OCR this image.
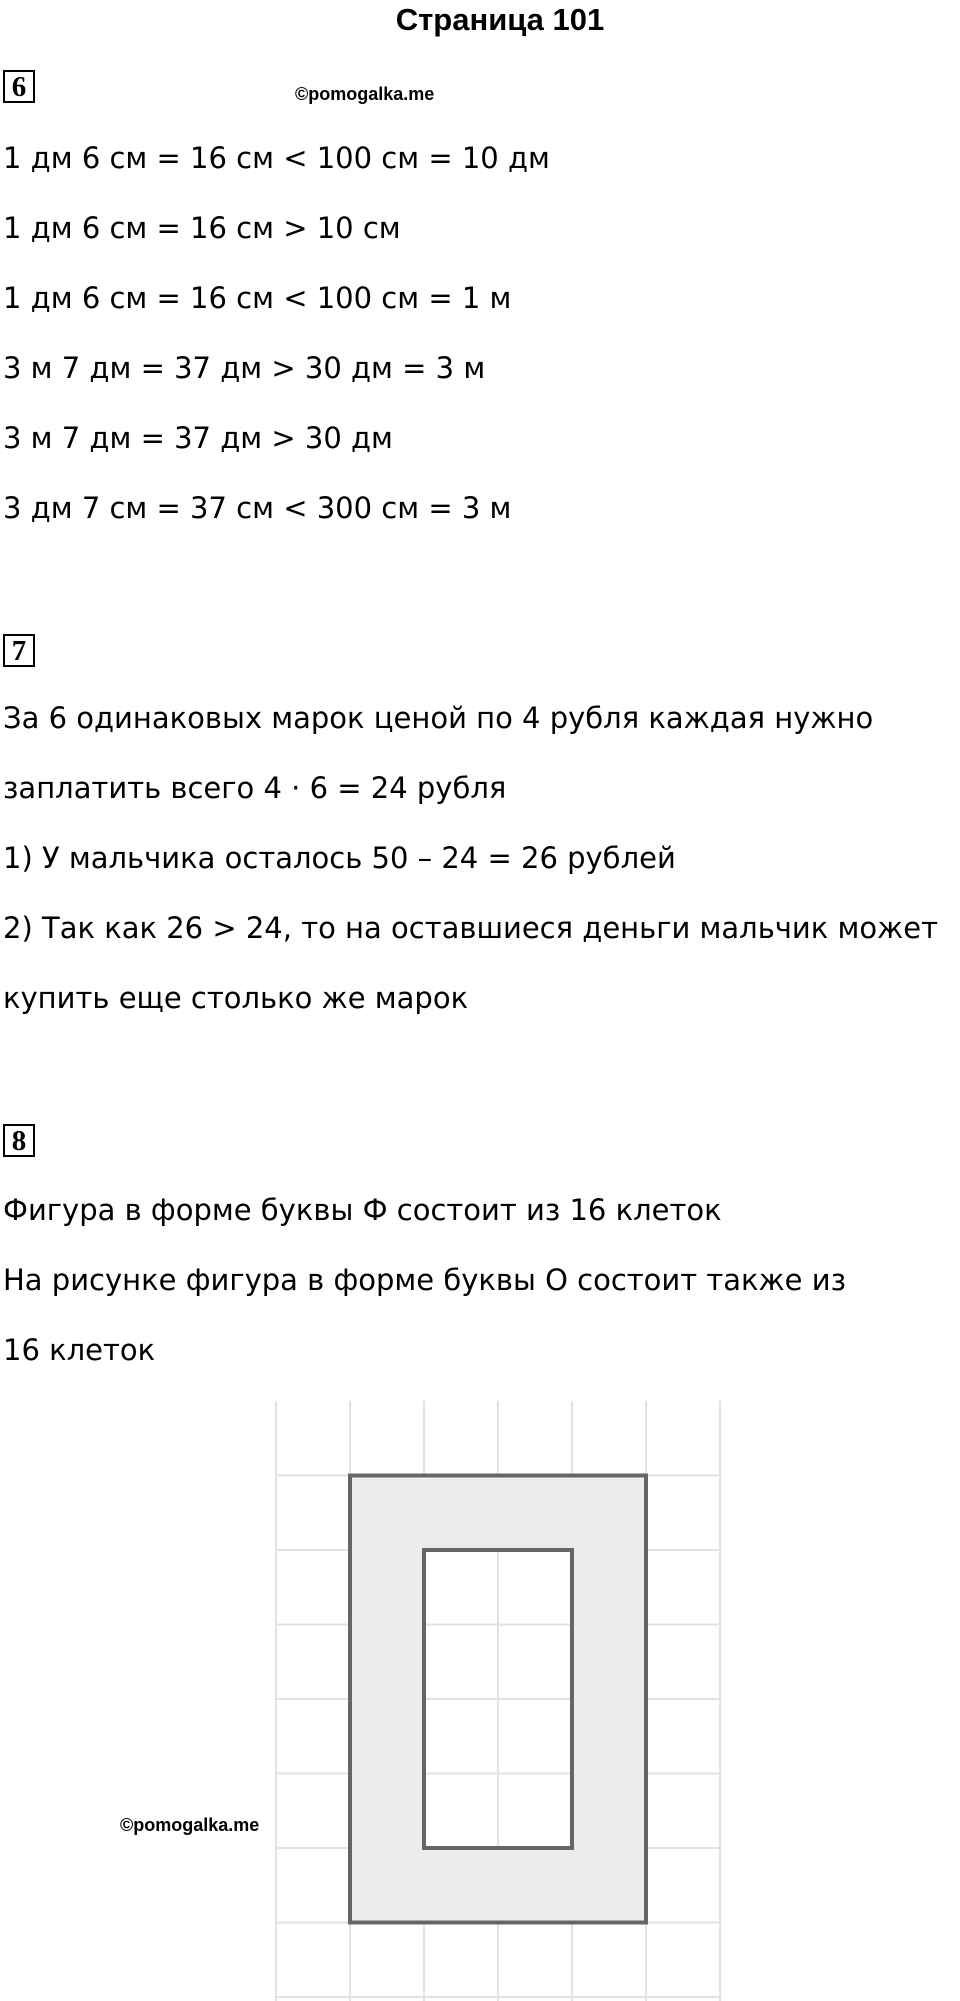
Страница 101
6	©pomogalka.me
1 дм 6 см = 16 см < 100 см = 10 дм
1 дм 6 см = 16 см > 10 см
1 дм 6 см = 16 см < 100 см = 1 м
3 м 7 дм = 37 дм > 30 дм = 3 м
3 м 7 дм = 37 дм > 30 дм
3 дм 7 см = 37 см < 300 см = 3 м
7
За 6 одинаковых марок ценой по 4 рубля каждая нужно
заплатить всего 4 · 6 = 24 рубля
1) У мальчика осталось 50 – 24 = 26 рублей
2) Так как 26 > 24, то на оставшиеся деньги мальчик может
купить еще столько же марок
8
Фигура в форме буквы Ф состоит из 16 клеток
На рисунке фигура в форме буквы О состоит также из
16 клеток
©pomogalka.me
